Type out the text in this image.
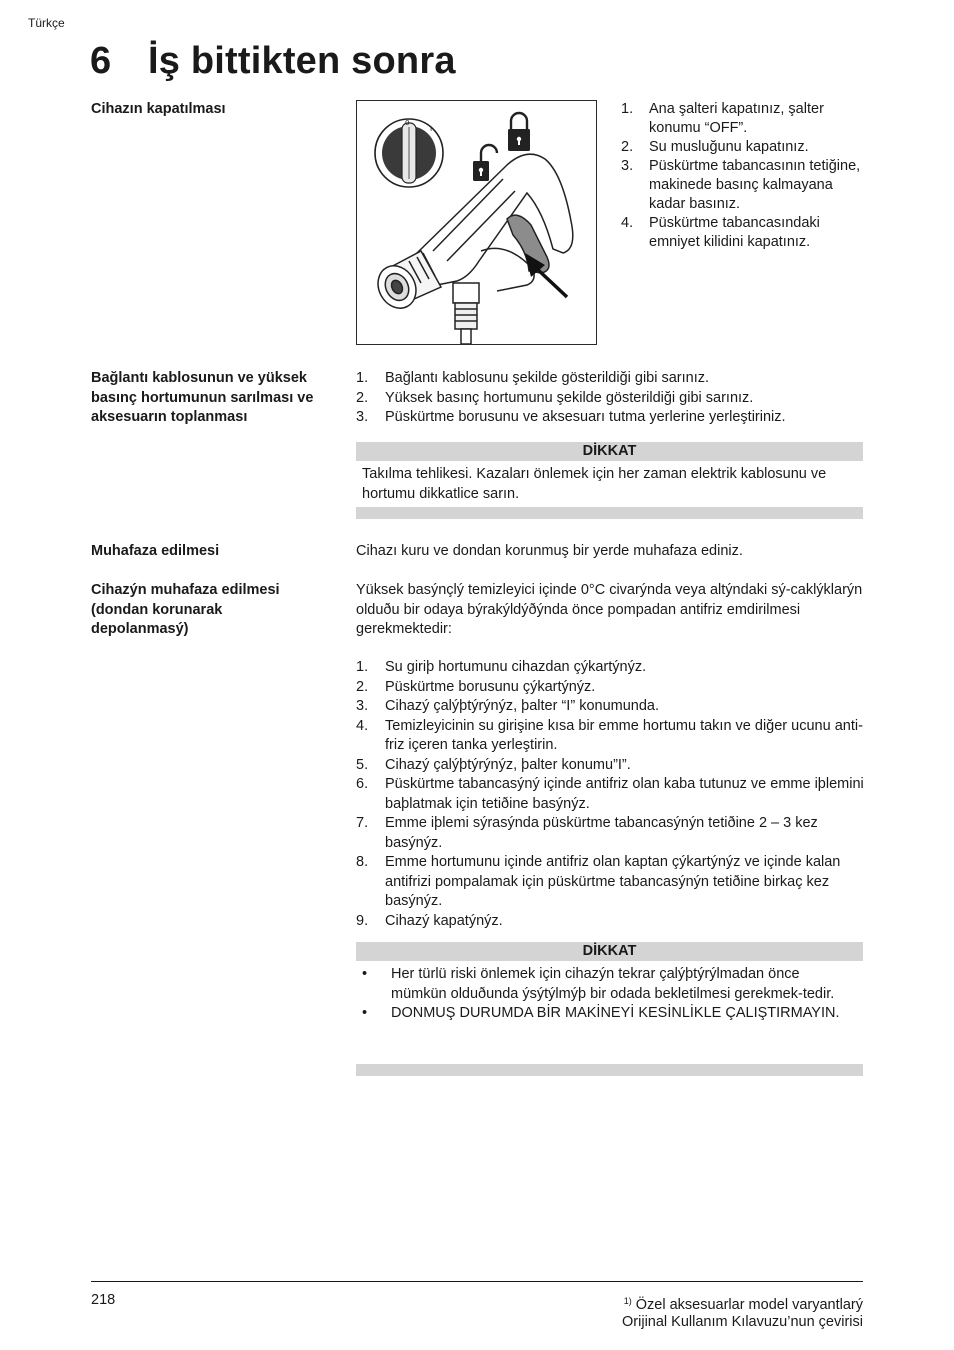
Türkçe
6 İş bittikten sonra
Cihazın kapatılması
0
I
1. Ana şalteri kapatınız, şalter konumu “OFF”.
2. Su musluğunu kapatınız.
3. Püskürtme tabancasının tetiğine, makinede basınç kalmayana kadar basınız.
4. Püskürtme tabancasındaki emniyet kilidini kapatınız.
Bağlantı kablosunun ve yüksek basınç hortumunun sarılması ve aksesuarın toplanması
1. Bağlantı kablosunu şekilde gösterildiği gibi sarınız.
2. Yüksek basınç hortumunu şekilde gösterildiği gibi sarınız.
3. Püskürtme borusunu ve aksesuarı tutma yerlerine yerleştiriniz.
DİKKAT
Takılma tehlikesi. Kazaları önlemek için her zaman elektrik kablosunu ve hortumu dikkatlice sarın.
Muhafaza edilmesi	Cihazı kuru ve dondan korunmuş bir yerde muhafaza ediniz.
Cihazýn muhafaza edilmesi (dondan korunarak depolanmasý)
Yüksek basýnçlý temizleyici içinde 0°C civarýnda veya altýndaki sý-caklýklarýn olduðu bir odaya býrakýldýðýnda önce pompadan antifriz emdirilmesi gerekmektedir:
1. Su giriþ hortumunu cihazdan çýkartýnýz.
2. Püskürtme borusunu çýkartýnýz.
3. Cihazý çalýþtýrýnýz, þalter “I” konumunda.
4. Temizleyicinin su girişine kısa bir emme hortumu takın ve diğer ucunu anti-friz içeren tanka yerleştirin.
5. Cihazý çalýþtýrýnýz, þalter konumu”I”.
6. Püskürtme tabancasýný içinde antifriz olan kaba tutunuz ve emme iþlemini baþlatmak için tetiðine basýnýz.
7. Emme iþlemi sýrasýnda püskürtme tabancasýnýn tetiðine 2 – 3 kez basýnýz.
8. Emme hortumunu içinde antifriz olan kaptan çýkartýnýz ve içinde kalan antifrizi pompalamak için püskürtme tabancasýnýn tetiðine birkaç kez basýnýz.
9. Cihazý kapatýnýz.
DİKKAT
• Her türlü riski önlemek için cihazýn tekrar çalýþtýrýlmadan önce mümkün olduðunda ýsýtýlmýþ bir odada bekletilmesi gerekmek-tedir.
• DONMUŞ DURUMDA BİR MAKİNEYİ KESİNLİKLE ÇALIŞTIRMAYIN.
218	$^{1)}$ Özel aksesuarlar model varyantlarý
Orijinal Kullanım Kılavuzu’nun çevirisi
